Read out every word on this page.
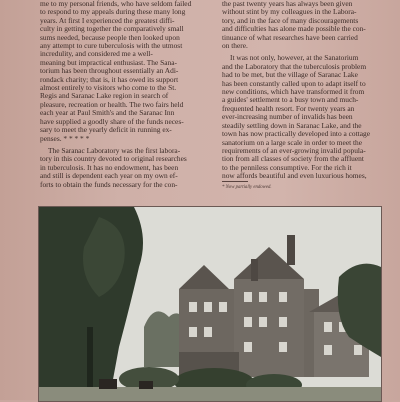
me to my personal friends, who have seldom failed
to respond to my appeals during these many long
years. At first I experienced the greatest diffi-
culty in getting together the comparatively small
sums needed, because people then looked upon
any attempt to cure tuberculosis with the utmost
incredulity, and considered me a well-
meaning but impractical enthusiast. The Sana-
torium has been throughout essentially an Adi-
rondack charity; that is, it has owed its support
almost entirely to visitors who come to the St.
Regis and Saranac Lake region in search of
pleasure, recreation or health. The two fairs held
each year at Paul Smith's and the Saranac Inn
have supplied a goodly share of the funds neces-
sary to meet the yearly deficit in running ex-
penses. * * * * *
The Saranac Laboratory was the first labora-
tory in this country devoted to original researches
in tuberculosis. It has no endowment, has been
and still is dependent each year on my own ef-
forts to obtain the funds necessary for the con-
the past twenty years has always been given
without stint by my colleagues in the Labora-
tory, and in the face of many discouragements
and difficulties has alone made possible the con-
tinuance of what researches have been carried
on there.
It was not only, however, at the Sanatorium
and the Laboratory that the tuberculosis problem
had to be met, but the village of Saranac Lake
has been constantly called upon to adapt itself to
new conditions, which have transformed it from
a guides' settlement to a busy town and much-
frequented health resort. For twenty years an
ever-increasing number of invalids has been
steadily settling down in Saranac Lake, and the
town has now practically developed into a cottage
sanatorium on a large scale in order to meet the
requirements of an ever-growing invalid popula-
tion from all classes of society from the affluent
to the penniless consumptive. For the rich it
now affords beautiful and even luxurious homes,
* Now partially endowed.
